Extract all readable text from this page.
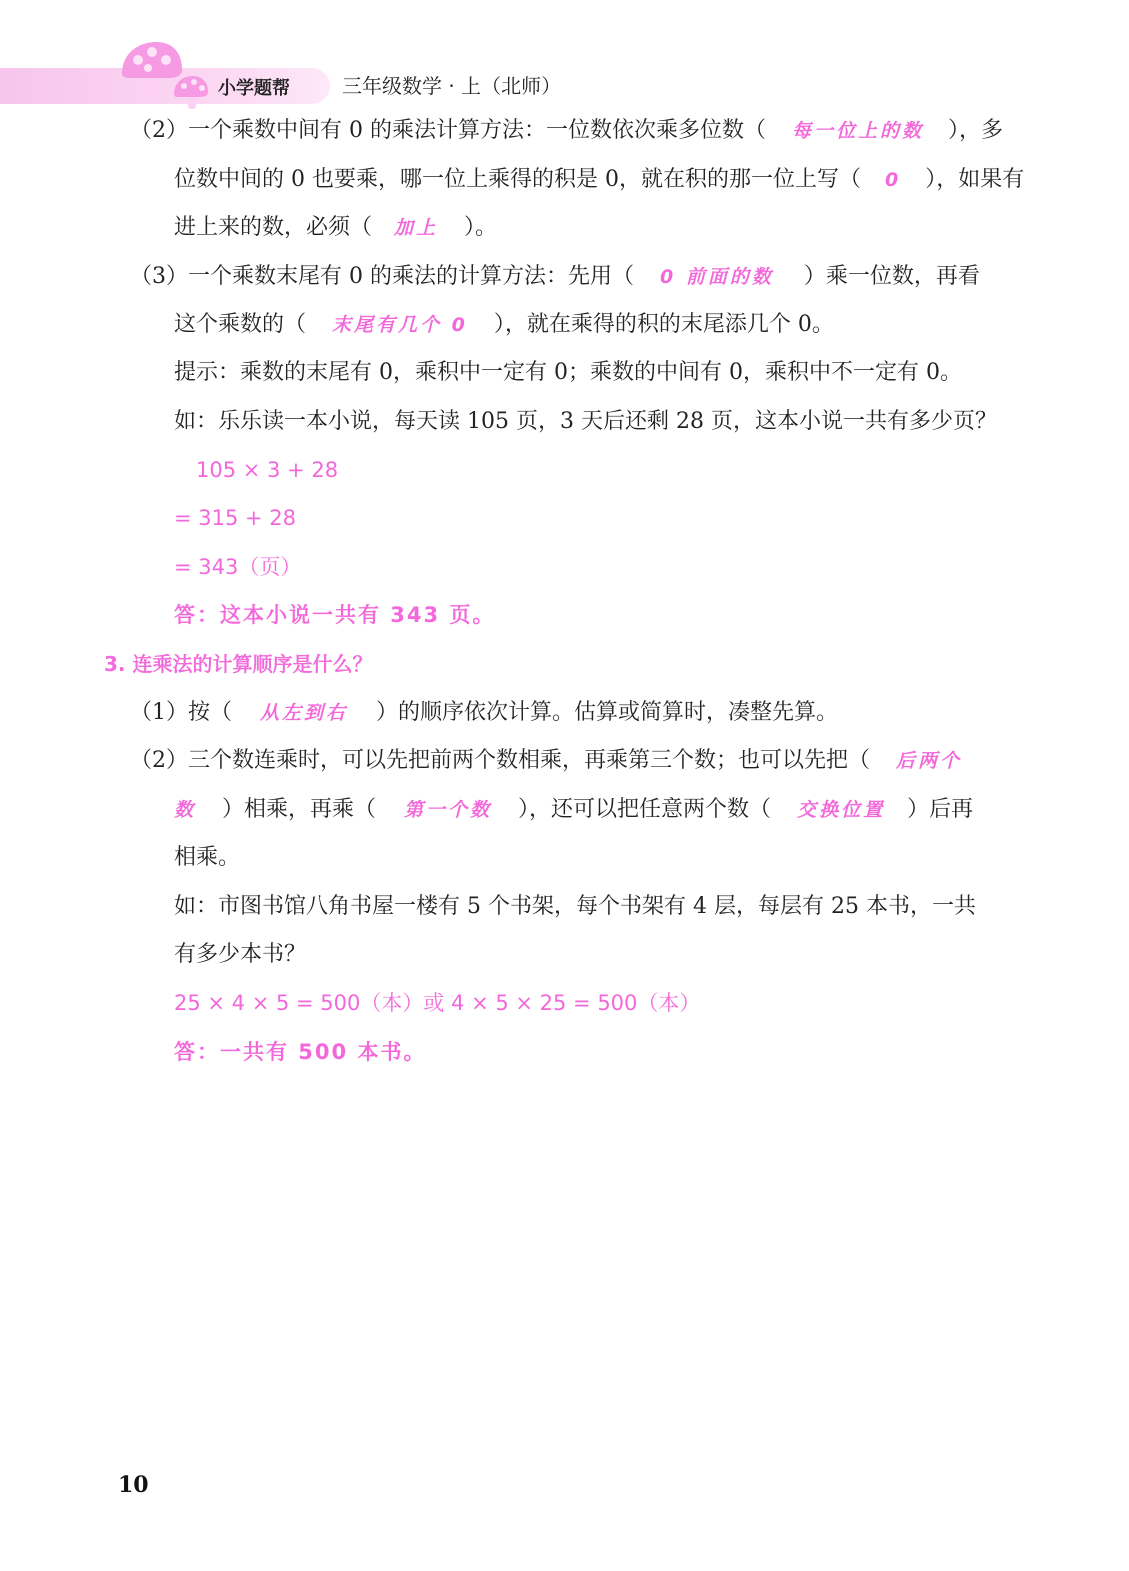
小学题帮	三年级数学 · 上（北师）
（2）一个乘数中间有 0 的乘法计算方法：一位数依次乘多位数（ 每一位上的数 ），多
位数中间的 0 也要乘，哪一位上乘得的积是 0，就在积的那一位上写（ 0 ），如果有
进上来的数，必须（ 加上 ）。
（3）一个乘数末尾有 0 的乘法的计算方法：先用（ 0 前面的数 ）乘一位数，再看
这个乘数的（ 末尾有几个 0 ），就在乘得的积的末尾添几个 0。
提示：乘数的末尾有 0，乘积中一定有 0；乘数的中间有 0，乘积中不一定有 0。
如：乐乐读一本小说，每天读 105 页，3 天后还剩 28 页，这本小说一共有多少页？
105 × 3 + 28
= 315 + 28
= 343（页）
答：这本小说一共有 343 页。
3. 连乘法的计算顺序是什么？
（1）按（ 从左到右 ）的顺序依次计算。估算或简算时，凑整先算。
（2）三个数连乘时，可以先把前两个数相乘，再乘第三个数；也可以先把（ 后两个
数 ）相乘，再乘（ 第一个数 ），还可以把任意两个数（ 交换位置 ）后再
相乘。
如：市图书馆八角书屋一楼有 5 个书架，每个书架有 4 层，每层有 25 本书，一共
有多少本书？
25 × 4 × 5 = 500（本）或 4 × 5 × 25 = 500（本）
答：一共有 500 本书。
10
